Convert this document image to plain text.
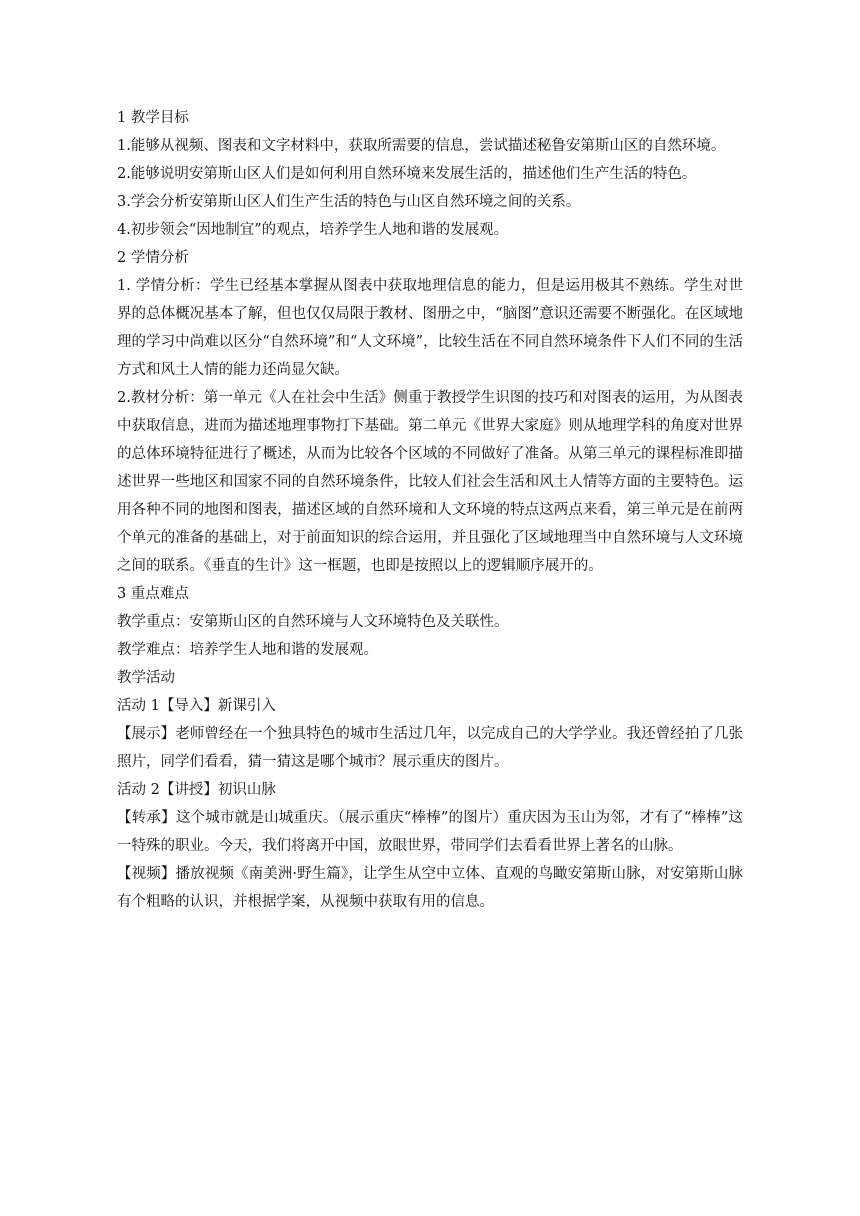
1 教学目标

1.能够从视频、图表和文字材料中，获取所需要的信息，尝试描述秘鲁安第斯山区的自然环境。

2.能够说明安第斯山区人们是如何利用自然环境来发展生活的，描述他们生产生活的特色。

3.学会分析安第斯山区人们生产生活的特色与山区自然环境之间的关系。

4.初步领会“因地制宜”的观点，培养学生人地和谐的发展观。

2 学情分析

1. 学情分析：学生已经基本掌握从图表中获取地理信息的能力，但是运用极其不熟练。学生对世界的总体概况基本了解，但也仅仅局限于教材、图册之中，“脑图”意识还需要不断强化。在区域地理的学习中尚难以区分“自然环境”和“人文环境”，比较生活在不同自然环境条件下人们不同的生活方式和风土人情的能力还尚显欠缺。

2.教材分析：第一单元《人在社会中生活》侧重于教授学生识图的技巧和对图表的运用，为从图表中获取信息，进而为描述地理事物打下基础。第二单元《世界大家庭》则从地理学科的角度对世界的总体环境特征进行了概述，从而为比较各个区域的不同做好了准备。从第三单元的课程标准即描述世界一些地区和国家不同的自然环境条件，比较人们社会生活和风土人情等方面的主要特色。运用各种不同的地图和图表，描述区域的自然环境和人文环境的特点这两点来看，第三单元是在前两个单元的准备的基础上，对于前面知识的综合运用，并且强化了区域地理当中自然环境与人文环境之间的联系。《垂直的生计》这一框题，也即是按照以上的逻辑顺序展开的。

3 重点难点

教学重点：安第斯山区的自然环境与人文环境特色及关联性。

教学难点：培养学生人地和谐的发展观。

教学活动

活动 1【导入】新课引入

【展示】老师曾经在一个独具特色的城市生活过几年，以完成自己的大学学业。我还曾经拍了几张照片，同学们看看，猜一猜这是哪个城市？展示重庆的图片。

活动 2【讲授】初识山脉

【转承】这个城市就是山城重庆。（展示重庆“棒棒”的图片）重庆因为玉山为邻，才有了“棒棒”这一特殊的职业。今天，我们将离开中国，放眼世界，带同学们去看看世界上著名的山脉。

【视频】播放视频《南美洲·野生篇》，让学生从空中立体、直观的鸟瞰安第斯山脉，对安第斯山脉有个粗略的认识，并根据学案，从视频中获取有用的信息。
